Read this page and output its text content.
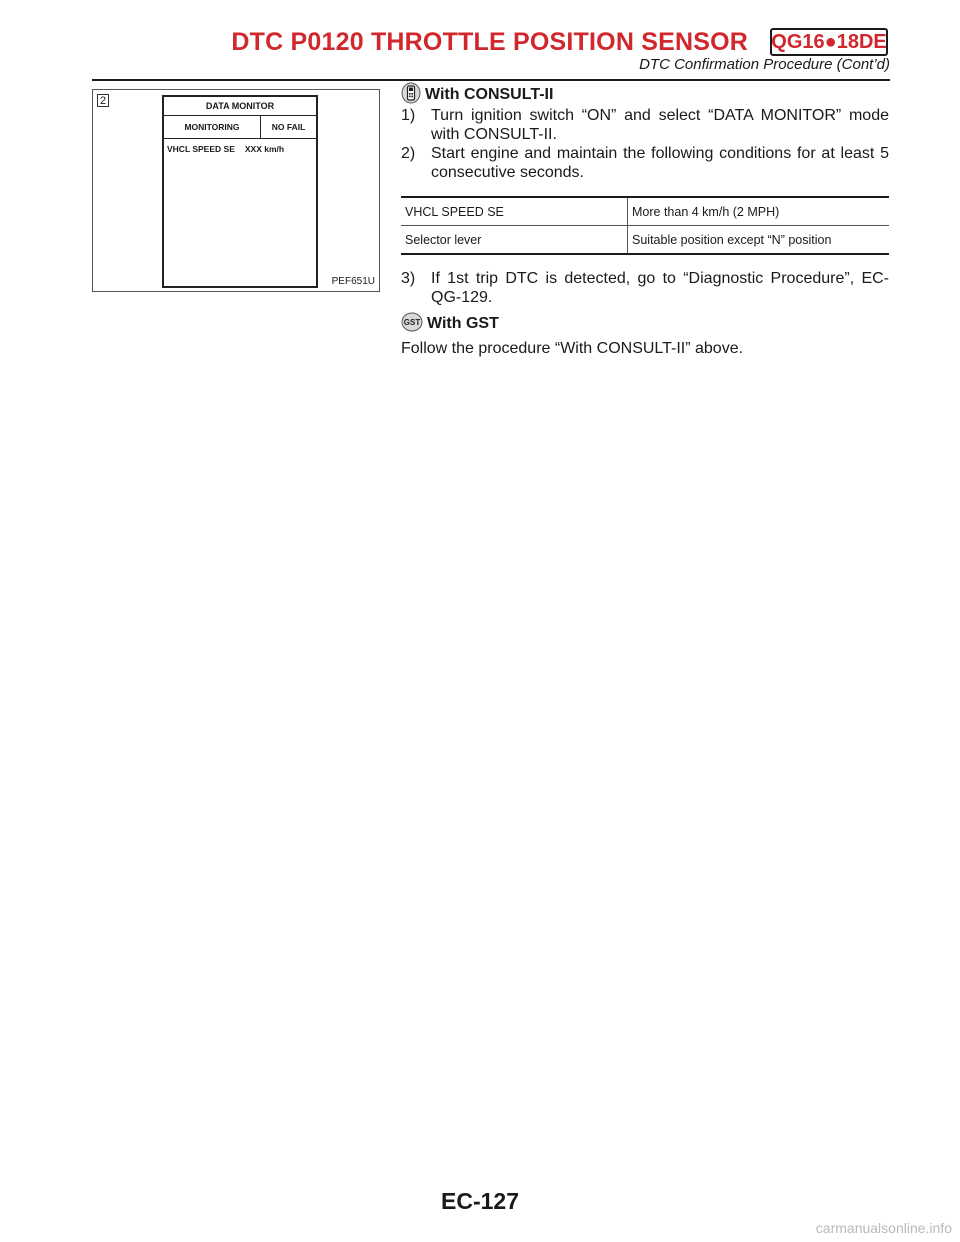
DTC P0120 THROTTLE POSITION SENSOR QG16●18DE
DTC Confirmation Procedure (Cont’d)
2	DATA MONITOR
MONITORING	NO FAIL
VHCL SPEED SE XXX km/h
PEF651U
With CONSULT-II
1) Turn ignition switch “ON” and select “DATA MONITOR” mode with CONSULT-II.
2) Start engine and maintain the following conditions for at least 5 consecutive seconds.
VHCL SPEED SE	More than 4 km/h (2 MPH)
Selector lever	Suitable position except “N” position
3) If 1st trip DTC is detected, go to “Diagnostic Procedure”, EC-QG-129.
GST With GST

Follow the procedure “With CONSULT-II” above.

EC-127
carmanualsonline.info
